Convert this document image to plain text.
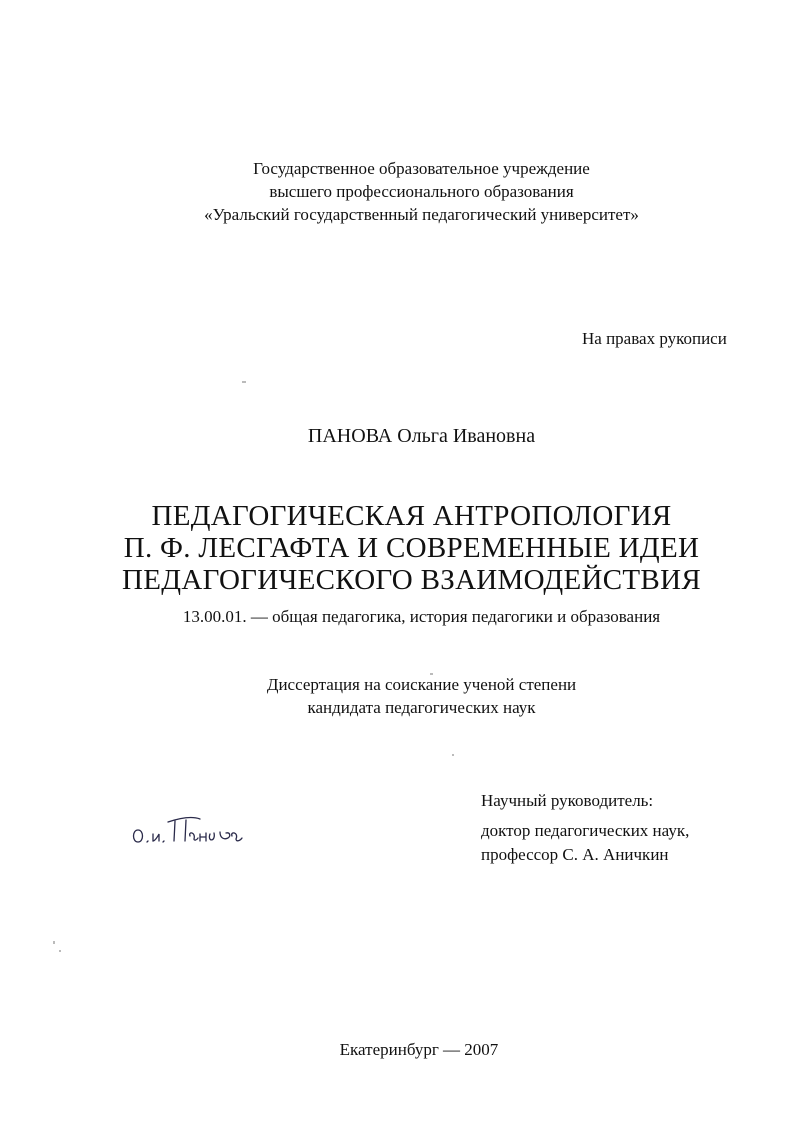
Государственное образовательное учреждение
высшего профессионального образования
«Уральский государственный педагогический университет»
На правах рукописи
ПАНОВА Ольга Ивановна
ПЕДАГОГИЧЕСКАЯ АНТРОПОЛОГИЯ
П. Ф. ЛЕСГАФТА И СОВРЕМЕННЫЕ ИДЕИ
ПЕДАГОГИЧЕСКОГО ВЗАИМОДЕЙСТВИЯ
13.00.01. — общая педагогика, история педагогики и образования
Диссертация на соискание ученой степени
кандидата педагогических наук
Научный руководитель:
доктор педагогических наук,
профессор С. А. Аничкин
Екатеринбург — 2007
